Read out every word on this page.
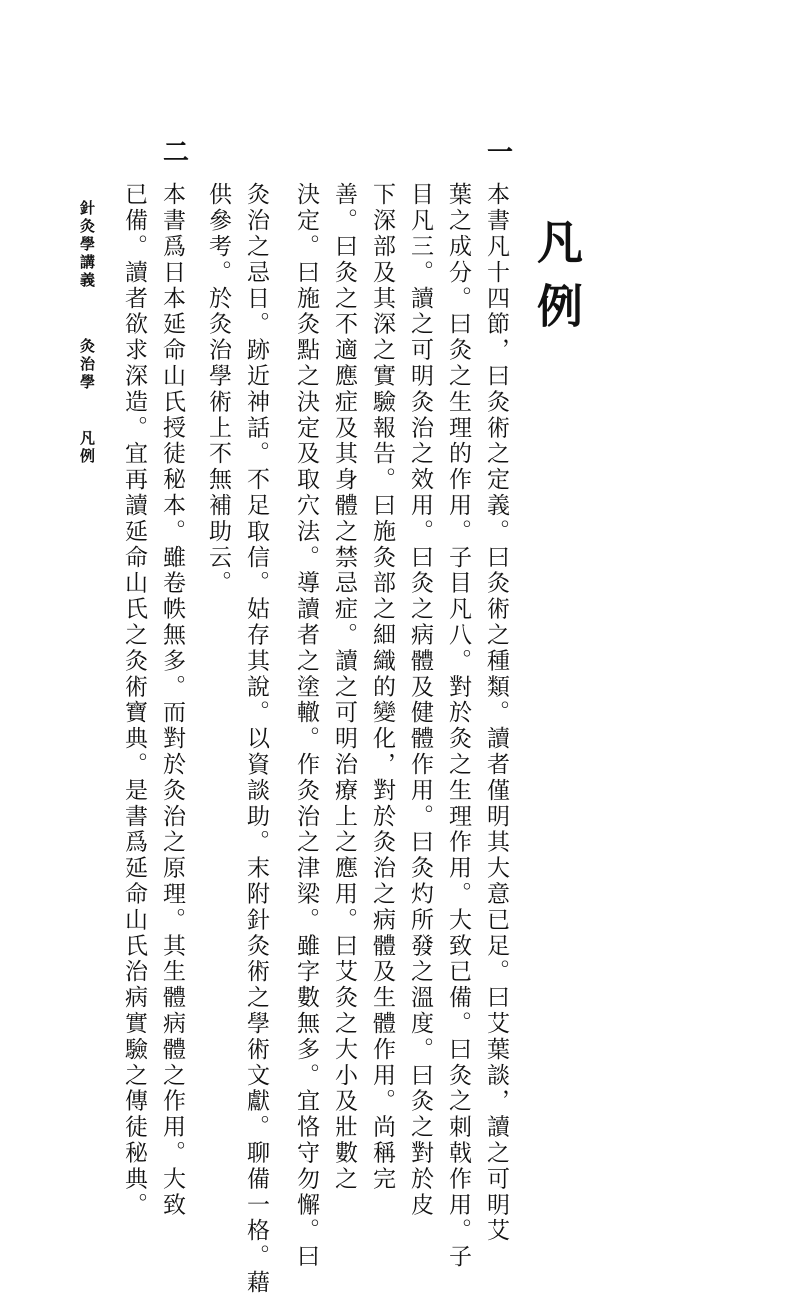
凡例
一
本書凡十四節，曰灸術之定義。曰灸術之種類。讀者僅明其大意已足。曰艾葉談，讀之可明艾
葉之成分。曰灸之生理的作用。子目凡八。對於灸之生理作用。大致已備。曰灸之刺戟作用。子
目凡三。讀之可明灸治之效用。曰灸之病體及健體作用。曰灸灼所發之溫度。曰灸之對於皮
下深部及其深之實驗報告。曰施灸部之細織的變化，對於灸治之病體及生體作用。尚稱完
善。曰灸之不適應症及其身體之禁忌症。讀之可明治療上之應用。曰艾灸之大小及壯數之
決定。曰施灸點之決定及取穴法。導讀者之塗轍。作灸治之津梁。雖字數無多。宜恪守勿懈。曰
灸治之忌日。跡近神話。不足取信。姑存其說。以資談助。末附針灸術之學術文獻。聊備一格。藉
供參考。於灸治學術上不無補助云。
二
本書爲日本延命山氏授徒秘本。雖卷帙無多。而對於灸治之原理。其生體病體之作用。大致
已備。讀者欲求深造。宜再讀延命山氏之灸術寶典。是書爲延命山氏治病實驗之傳徒秘典。
針灸學講義
灸治學
凡例
